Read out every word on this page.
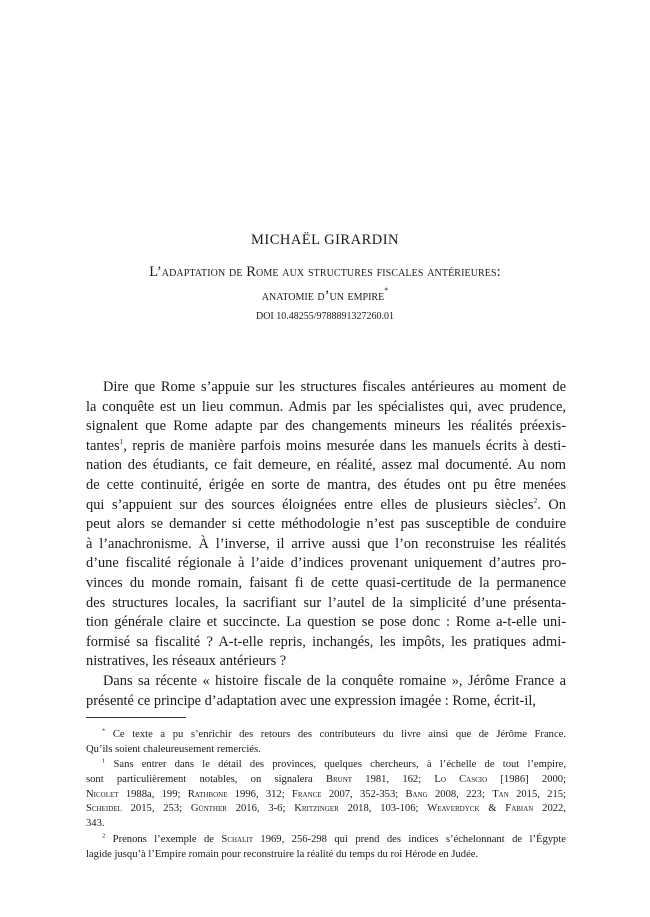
MICHAËL GIRARDIN
L’adaptation de Rome aux structures fiscales antérieures:
anatomie d’un empire*
DOI 10.48255/9788891327260.01
Dire que Rome s’appuie sur les structures fiscales antérieures au moment de
la conquête est un lieu commun. Admis par les spécialistes qui, avec prudence,
signalent que Rome adapte par des changements mineurs les réalités préexis-
tantes$^1$, repris de manière parfois moins mesurée dans les manuels écrits à desti-
nation des étudiants, ce fait demeure, en réalité, assez mal documenté. Au nom
de cette continuité, érigée en sorte de mantra, des études ont pu être menées
qui s’appuient sur des sources éloignées entre elles de plusieurs siècles$^2$. On
peut alors se demander si cette méthodologie n’est pas susceptible de conduire
à l’anachronisme. À l’inverse, il arrive aussi que l’on reconstruise les réalités
d’une fiscalité régionale à l’aide d’indices provenant uniquement d’autres pro-
vinces du monde romain, faisant fi de cette quasi-certitude de la permanence
des structures locales, la sacrifiant sur l’autel de la simplicité d’une présenta-
tion générale claire et succincte. La question se pose donc : Rome a-t-elle uni-
formisé sa fiscalité ? A-t-elle repris, inchangés, les impôts, les pratiques admi-
nistratives, les réseaux antérieurs ?
Dans sa récente « histoire fiscale de la conquête romaine », Jérôme France a
présenté ce principe d’adaptation avec une expression imagée : Rome, écrit-il,
* Ce texte a pu s’enrichir des retours des contributeurs du livre ainsi que de Jérôme France.
Qu’ils soient chaleureusement remerciés.
$^1$ Sans entrer dans le détail des provinces, quelques chercheurs, à l’échelle de tout l’empire,
sont particulièrement notables, on signalera Brunt 1981, 162; Lo Cascio [1986] 2000;
Nicolet 1988a, 199; Rathbone 1996, 312; France 2007, 352-353; Bang 2008, 223; Tan 2015, 215;
Scheidel 2015, 253; Günther 2016, 3-6; Kritzinger 2018, 103-106; Weaverdyck & Fabian 2022,
343.
$^2$ Prenons l’exemple de Schalit 1969, 256-298 qui prend des indices s’échelonnant de l’Égypte
lagide jusqu’à l’Empire romain pour reconstruire la réalité du temps du roi Hérode en Judée.
